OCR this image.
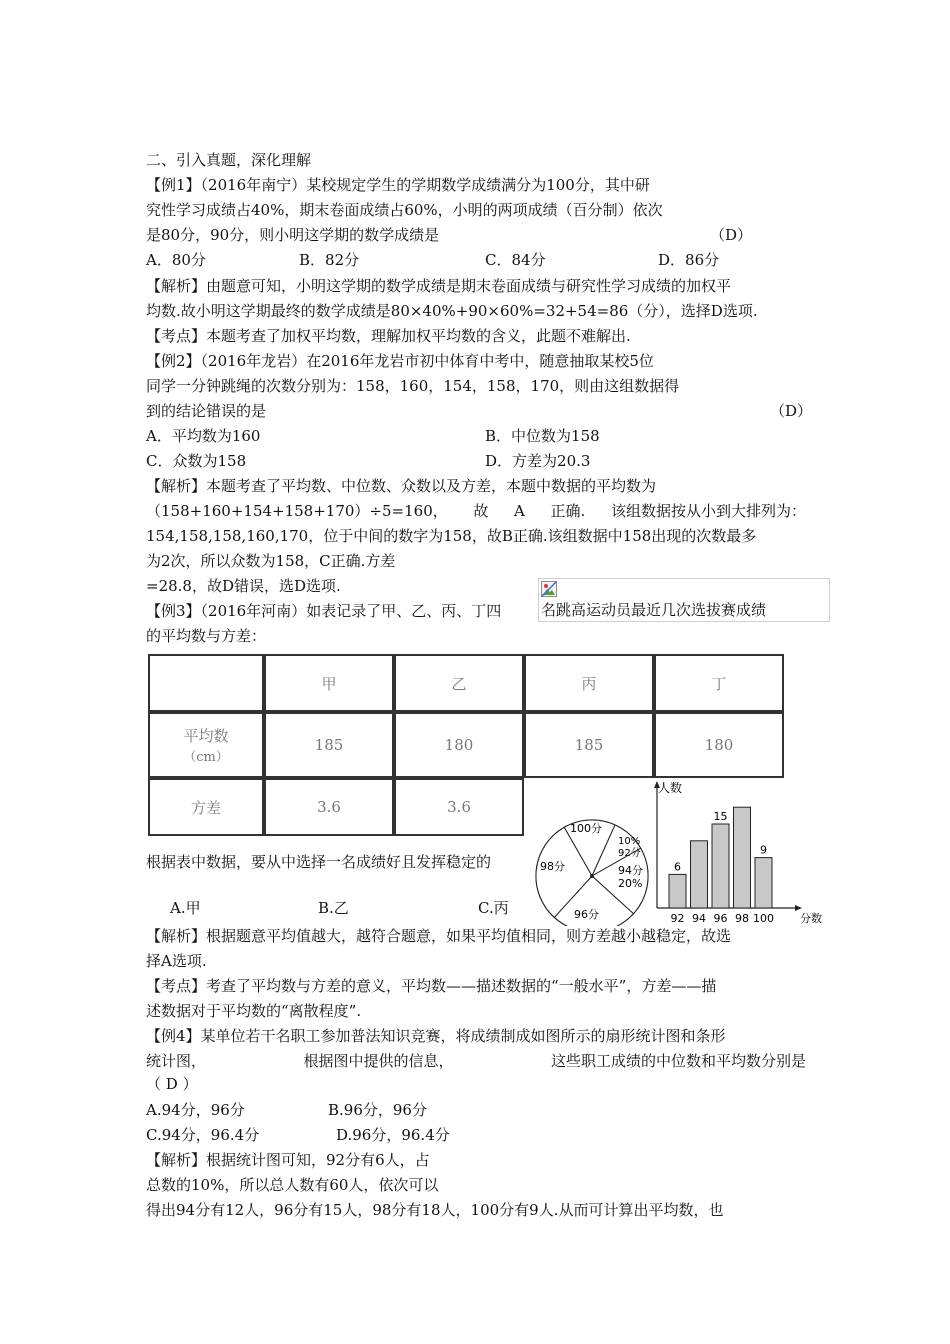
二、引入真题，深化理解
【例1】（2016年南宁）某校规定学生的学期数学成绩满分为100分，其中研
究性学习成绩占40%，期末卷面成绩占60%，小明的两项成绩（百分制）依次
是80分，90分，则小明这学期的数学成绩是	（D）
A．80分	B．82分	C．84分	D．86分
【解析】由题意可知，小明这学期的数学成绩是期末卷面成绩与研究性学习成绩的加权平
均数.故小明这学期最终的数学成绩是80×40%+90×60%=32+54=86（分），选择D选项.
【考点】本题考查了加权平均数，理解加权平均数的含义，此题不难解出.
【例2】（2016年龙岩）在2016年龙岩市初中体育中考中，随意抽取某校5位
同学一分钟跳绳的次数分别为：158，160，154，158，170，则由这组数据得
到的结论错误的是	（D）
A．平均数为160	B．中位数为158
C．众数为158	D．方差为20.3
【解析】本题考查了平均数、中位数、众数以及方差，本题中数据的平均数为
（158+160+154+158+170）÷5=160， 故 A 正确. 该组数据按从小到大排列为：
154,158,158,160,170，位于中间的数字为158，故B正确.该组数据中158出现的次数最多
为2次，所以众数为158，C正确.方差
=28.8，故D错误，选D选项.
【例3】（2016年河南）如表记录了甲、乙、丙、丁四
的平均数与方差：
名跳高运动员最近几次选拔赛成绩
	甲	乙	丙	丁

平均数
（cm）	185	180	185	180
方差	3.6	3.6		
根据表中数据，要从中选择一名成绩好且发挥稳定的
A.甲	B.乙	C.丙
100分
10%
92分
94分
20%
96分
98分
92
6
94 96
15
98 100
9
人数
分数
【解析】根据题意平均值越大，越符合题意，如果平均值相同，则方差越小越稳定，故选
择A选项.
【考点】考查了平均数与方差的意义，平均数——描述数据的“一般水平”，方差——描
述数据对于平均数的“离散程度”.
【例4】某单位若干名职工参加普法知识竞赛，将成绩制成如图所示的扇形统计图和条形
统计图，	根据图中提供的信息，	这些职工成绩的中位数和平均数分别是
（ D ）
A.94分，96分	B.96分，96分
C.94分，96.4分	D.96分，96.4分
【解析】根据统计图可知，92分有6人，占
总数的10%，所以总人数有60人，依次可以
得出94分有12人，96分有15人，98分有18人，100分有9人.从而可计算出平均数，也
